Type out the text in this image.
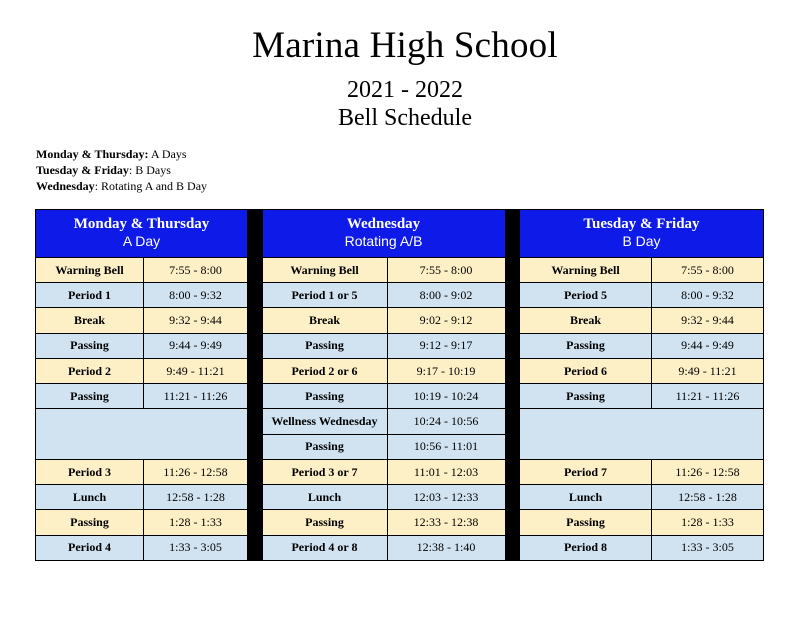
Marina High School
2021 - 2022
Bell Schedule
Monday & Thursday: A Days
Tuesday & Friday: B Days
Wednesday: Rotating A and B Day
Monday & Thursday
A Day
Warning Bell	7:55 - 8:00
Period 1	8:00 - 9:32
Break	9:32 - 9:44
Passing	9:44 - 9:49
Period 2	9:49 - 11:21
Passing	11:21 - 11:26
Period 3	11:26 - 12:58
Lunch	12:58 - 1:28
Passing	1:28 - 1:33
Period 4	1:33 - 3:05
Wednesday
Rotating A/B
Warning Bell	7:55 - 8:00
Period 1 or 5	8:00 - 9:02
Break	9:02 - 9:12
Passing	9:12 - 9:17
Period 2 or 6	9:17 - 10:19
Passing	10:19 - 10:24
Wellness Wednesday	10:24 - 10:56
Passing	10:56 - 11:01
Period 3 or 7	11:01 - 12:03
Lunch	12:03 - 12:33
Passing	12:33 - 12:38
Period 4 or 8	12:38 - 1:40
Tuesday & Friday
B Day
Warning Bell	7:55 - 8:00
Period 5	8:00 - 9:32
Break	9:32 - 9:44
Passing	9:44 - 9:49
Period 6	9:49 - 11:21
Passing	11:21 - 11:26
Period 7	11:26 - 12:58
Lunch	12:58 - 1:28
Passing	1:28 - 1:33
Period 8	1:33 - 3:05
